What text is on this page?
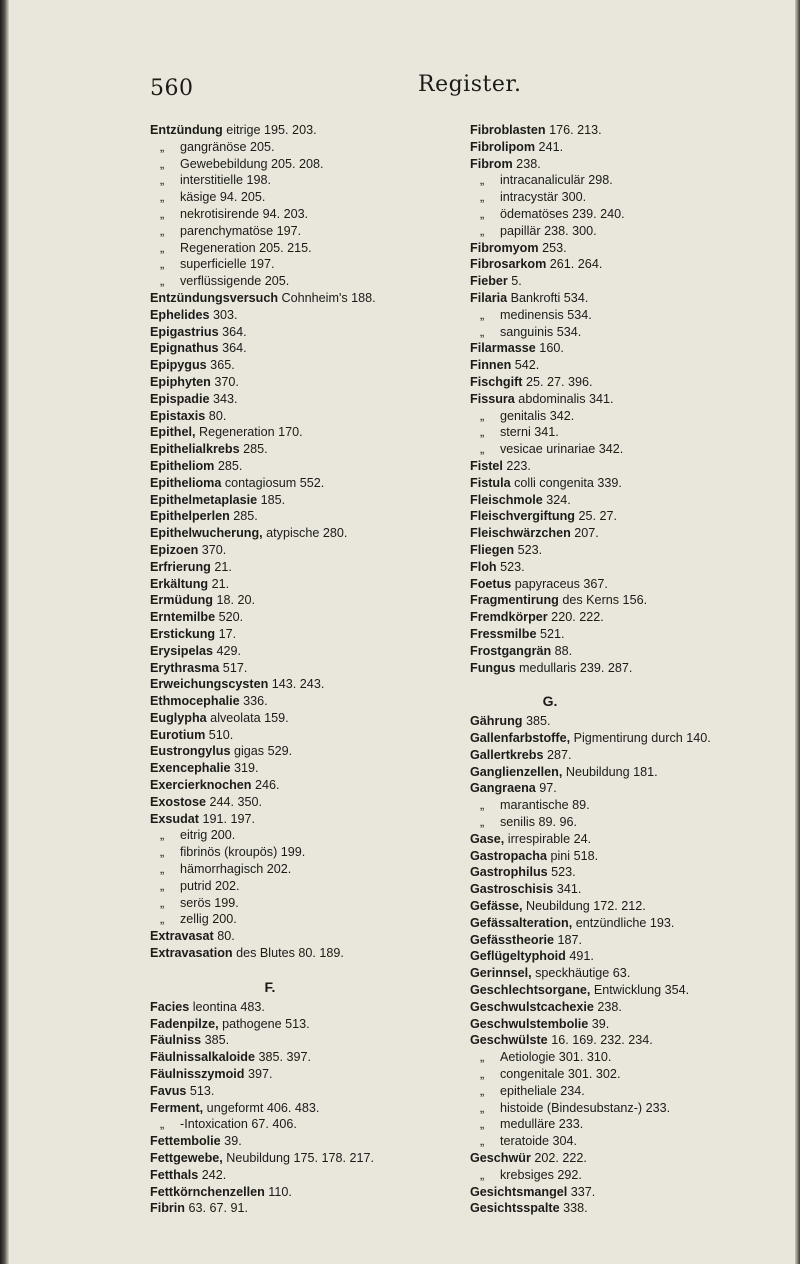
560	Register.
Entzündung eitrige 195. 203.
„ gangränöse 205.
„ Gewebebildung 205. 208.
„ interstitielle 198.
„ käsige 94. 205.
„ nekrotisirende 94. 203.
„ parenchymatöse 197.
„ Regeneration 205. 215.
„ superficielle 197.
„ verflüssigende 205.
Entzündungsversuch Cohnheim's 188.
Ephelides 303.
Epigastrius 364.
Epignathus 364.
Epipygus 365.
Epiphyten 370.
Epispadie 343.
Epistaxis 80.
Epithel, Regeneration 170.
Epithelialkrebs 285.
Epitheliom 285.
Epithelioma contagiosum 552.
Epithelmetaplasie 185.
Epithelperlen 285.
Epithelwucherung, atypische 280.
Epizoen 370.
Erfrierung 21.
Erkältung 21.
Ermüdung 18. 20.
Erntemilbe 520.
Erstickung 17.
Erysipelas 429.
Erythrasma 517.
Erweichungscysten 143. 243.
Ethmocephalie 336.
Euglypha alveolata 159.
Eurotium 510.
Eustrongylus gigas 529.
Exencephalie 319.
Exercierknochen 246.
Exostose 244. 350.
Exsudat 191. 197.
„ eitrig 200.
„ fibrinös (kroupös) 199.
„ hämorrhagisch 202.
„ putrid 202.
„ serös 199.
„ zellig 200.
Extravasat 80.
Extravasation des Blutes 80. 189.
F.
Facies leontina 483.
Fadenpilze, pathogene 513.
Fäulniss 385.
Fäulnissalkaloide 385. 397.
Fäulnisszymoid 397.
Favus 513.
Ferment, ungeformt 406. 483.
„ -Intoxication 67. 406.
Fettembolie 39.
Fettgewebe, Neubildung 175. 178. 217.
Fetthals 242.
Fettkörnchenzellen 110.
Fibrin 63. 67. 91.
Fibroblasten 176. 213.
Fibrolipom 241.
Fibrom 238.
„ intracanaliculär 298.
„ intracystär 300.
„ ödematöses 239. 240.
„ papillär 238. 300.
Fibromyom 253.
Fibrosarkom 261. 264.
Fieber 5.
Filaria Bankrofti 534.
„ medinensis 534.
„ sanguinis 534.
Filarmasse 160.
Finnen 542.
Fischgift 25. 27. 396.
Fissura abdominalis 341.
„ genitalis 342.
„ sterni 341.
„ vesicae urinariae 342.
Fistel 223.
Fistula colli congenita 339.
Fleischmole 324.
Fleischvergiftung 25. 27.
Fleischwärzchen 207.
Fliegen 523.
Floh 523.
Foetus papyraceus 367.
Fragmentirung des Kerns 156.
Fremdkörper 220. 222.
Fressmilbe 521.
Frostgangrän 88.
Fungus medullaris 239. 287.
G.
Gährung 385.
Gallenfarbstoffe, Pigmentirung durch 140.
Gallertkrebs 287.
Ganglienzellen, Neubildung 181.
Gangraena 97.
„ marantische 89.
„ senilis 89. 96.
Gase, irrespirable 24.
Gastropacha pini 518.
Gastrophilus 523.
Gastroschisis 341.
Gefässe, Neubildung 172. 212.
Gefässalteration, entzündliche 193.
Gefässtheorie 187.
Geflügeltyphoid 491.
Gerinnsel, speckhäutige 63.
Geschlechtsorgane, Entwicklung 354.
Geschwulstcachexie 238.
Geschwulstembolie 39.
Geschwülste 16. 169. 232. 234.
„ Aetiologie 301. 310.
„ congenitale 301. 302.
„ epitheliale 234.
„ histoide (Bindesubstanz-) 233.
„ medulläre 233.
„ teratoide 304.
Geschwür 202. 222.
„ krebsiges 292.
Gesichtsmangel 337.
Gesichtsspalte 338.
